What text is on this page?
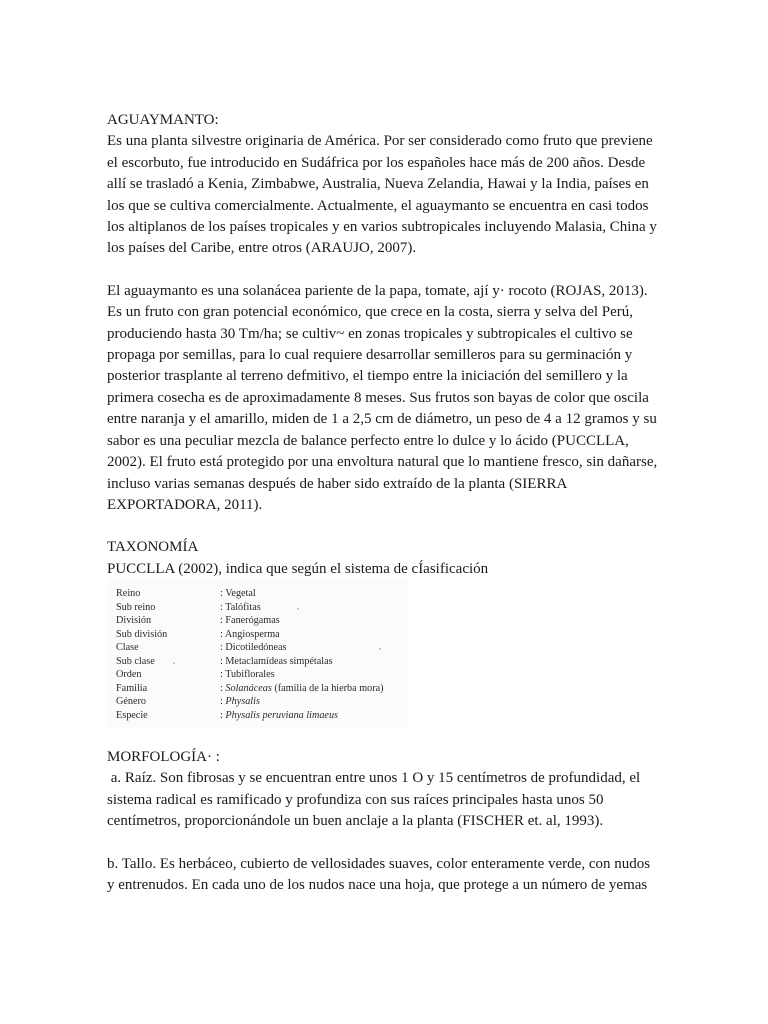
AGUAYMANTO:

Es una planta silvestre originaria de América. Por ser considerado como fruto que previene

el escorbuto, fue introducido en Sudáfrica por los españoles hace más de 200 años. Desde

allí se trasladó a Kenia, Zimbabwe, Australia, Nueva Zelandia, Hawai y la India, países en

los que se cultiva comercialmente. Actualmente, el aguaymanto se encuentra en casi todos

los altiplanos de los países tropicales y en varios subtropicales incluyendo Malasia, China y

los países del Caribe, entre otros (ARAUJO, 2007).

El aguaymanto es una solanácea pariente de la papa, tomate, ají y· rocoto (ROJAS, 2013).

Es un fruto con gran potencial económico, que crece en la costa, sierra y selva del Perú,

produciendo hasta 30 Tm/ha; se cultiv~ en zonas tropicales y subtropicales el cultivo se

propaga por semillas, para lo cual requiere desarrollar semilleros para su germinación y

posterior trasplante al terreno defmitivo, el tiempo entre la iniciación del semillero y la

primera cosecha es de aproximadamente 8 meses. Sus frutos son bayas de color que oscila

entre naranja y el amarillo, miden de 1 a 2,5 cm de diámetro, un peso de 4 a 12 gramos y su

sabor es una peculiar mezcla de balance perfecto entre lo dulce y lo ácido (PUCCLLA,

2002). El fruto está protegido por una envoltura natural que lo mantiene fresco, sin dañarse,

incluso varias semanas después de haber sido extraído de la planta (SIERRA

EXPORTADORA, 2011).

TAXONOMÍA

PUCCLLA (2002), indica que según el sistema de cÍasificación

Reino	: Vegetal
Sub reino	: Talófitas
División	: Fanerógamas
Sub división	: Angiosperma
Clase	: Dicotiledóneas
Sub clase	: Metaclamídeas simpétalas
Orden	: Tubiflorales
Familia	: Solanáceas (familia de la hierba mora)
Género	: Physalis
Especie	: Physalis peruviana limaeus

MORFOLOGÍA· :

a. Raíz. Son fibrosas y se encuentran entre unos 1 O y 15 centímetros de profundidad, el

sistema radical es ramificado y profundiza con sus raíces principales hasta unos 50

centímetros, proporcionándole un buen anclaje a la planta (FISCHER et. al, 1993).

b. Tallo. Es herbáceo, cubierto de vellosidades suaves, color enteramente verde, con nudos

y entrenudos. En cada uno de los nudos nace una hoja, que protege a un número de yemas
